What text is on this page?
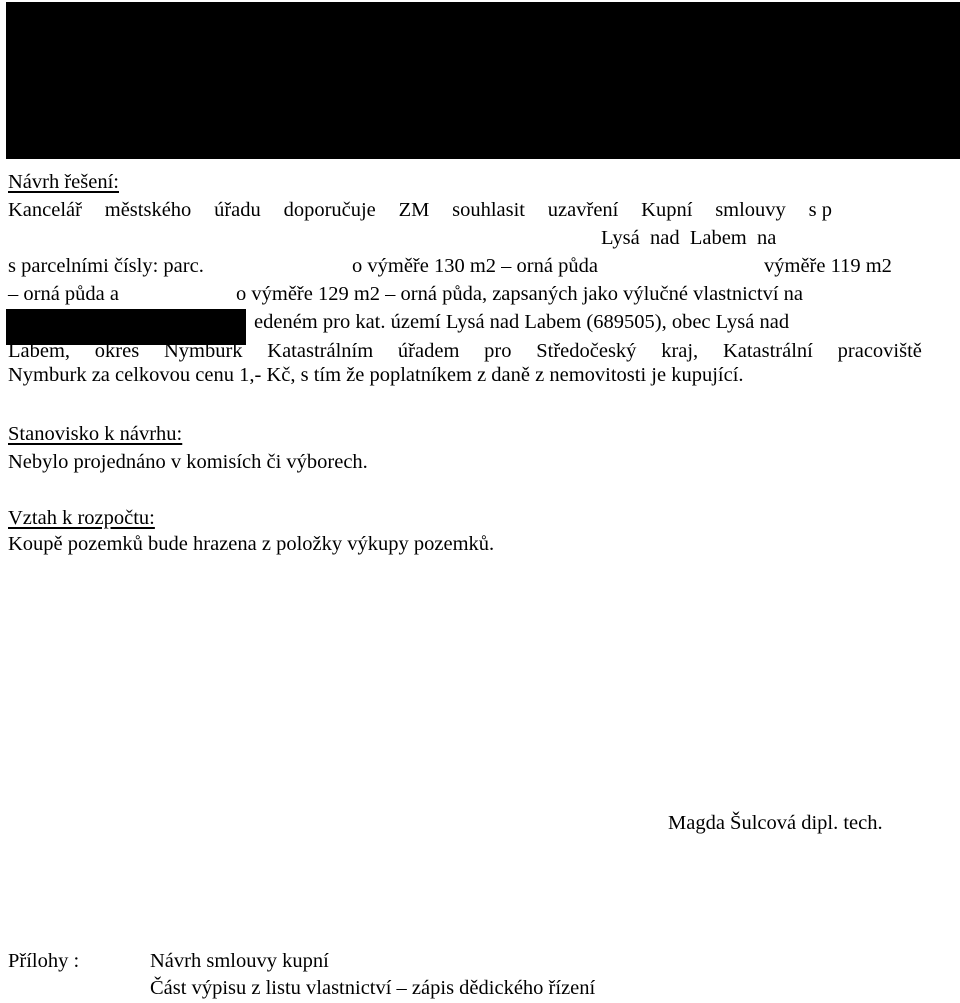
Návrh řešení:
Kancelář městského úřadu doporučuje ZM souhlasit uzavření Kupní smlouvy s p
Lysá  nad  Labem  na
s parcelními čísly: parc.	o výměře 130 m2 – orná půda	výměře 119 m2
– orná půda a	o výměře 129 m2 – orná půda, zapsaných jako výlučné vlastnictví na
edeném pro kat. území Lysá nad Labem (689505), obec Lysá nad
Labem, okres Nymburk Katastrálním úřadem pro Středočeský kraj, Katastrální pracoviště
Nymburk za celkovou cenu 1,- Kč, s tím že poplatníkem z daně z nemovitosti je kupující.
Stanovisko k návrhu:
Nebylo projednáno v komisích či výborech.
Vztah k rozpočtu:
Koupě pozemků bude hrazena z položky výkupy pozemků.
Magda Šulcová dipl. tech.
Přílohy :	Návrh smlouvy kupní
Část výpisu z listu vlastnictví – zápis dědického řízení
